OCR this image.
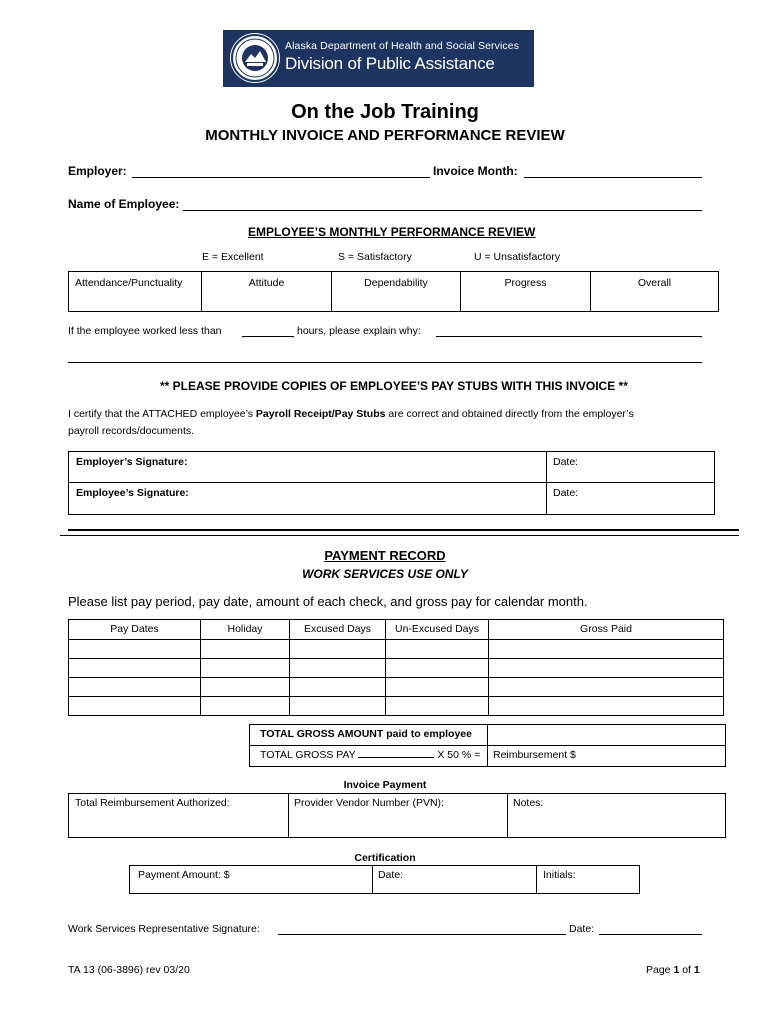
Alaska Department of Health and Social Services
Division of Public Assistance
On the Job Training
MONTHLY INVOICE AND PERFORMANCE REVIEW
Employer:	Invoice Month:
Name of Employee:
EMPLOYEE’S MONTHLY PERFORMANCE REVIEW
E = Excellent	S = Satisfactory	U = Unsatisfactory
Attendance/Punctuality	Attitude	Dependability	Progress	Overall
If the employee worked less than	hours, please explain why:
** PLEASE PROVIDE COPIES OF EMPLOYEE’S PAY STUBS WITH THIS INVOICE **
I certify that the ATTACHED employee’s Payroll Receipt/Pay Stubs are correct and obtained directly from the employer’s
payroll records/documents.
Employer’s Signature:	Date:
Employee’s Signature:	Date:
PAYMENT RECORD
WORK SERVICES USE ONLY
Please list pay period, pay date, amount of each check, and gross pay for calendar month.
Pay Dates	Holiday	Excused Days	Un-Excused Days	Gross Paid

TOTAL GROSS AMOUNT paid to employee	
TOTAL GROSS PAY X 50 % =	Reimbursement $
Invoice Payment
Total Reimbursement Authorized:	Provider Vendor Number (PVN):	Notes:
Certification
Payment Amount: $	Date:	Initials:
Work Services Representative Signature:	Date:
TA 13 (06-3896) rev 03/20	Page 1 of 1
